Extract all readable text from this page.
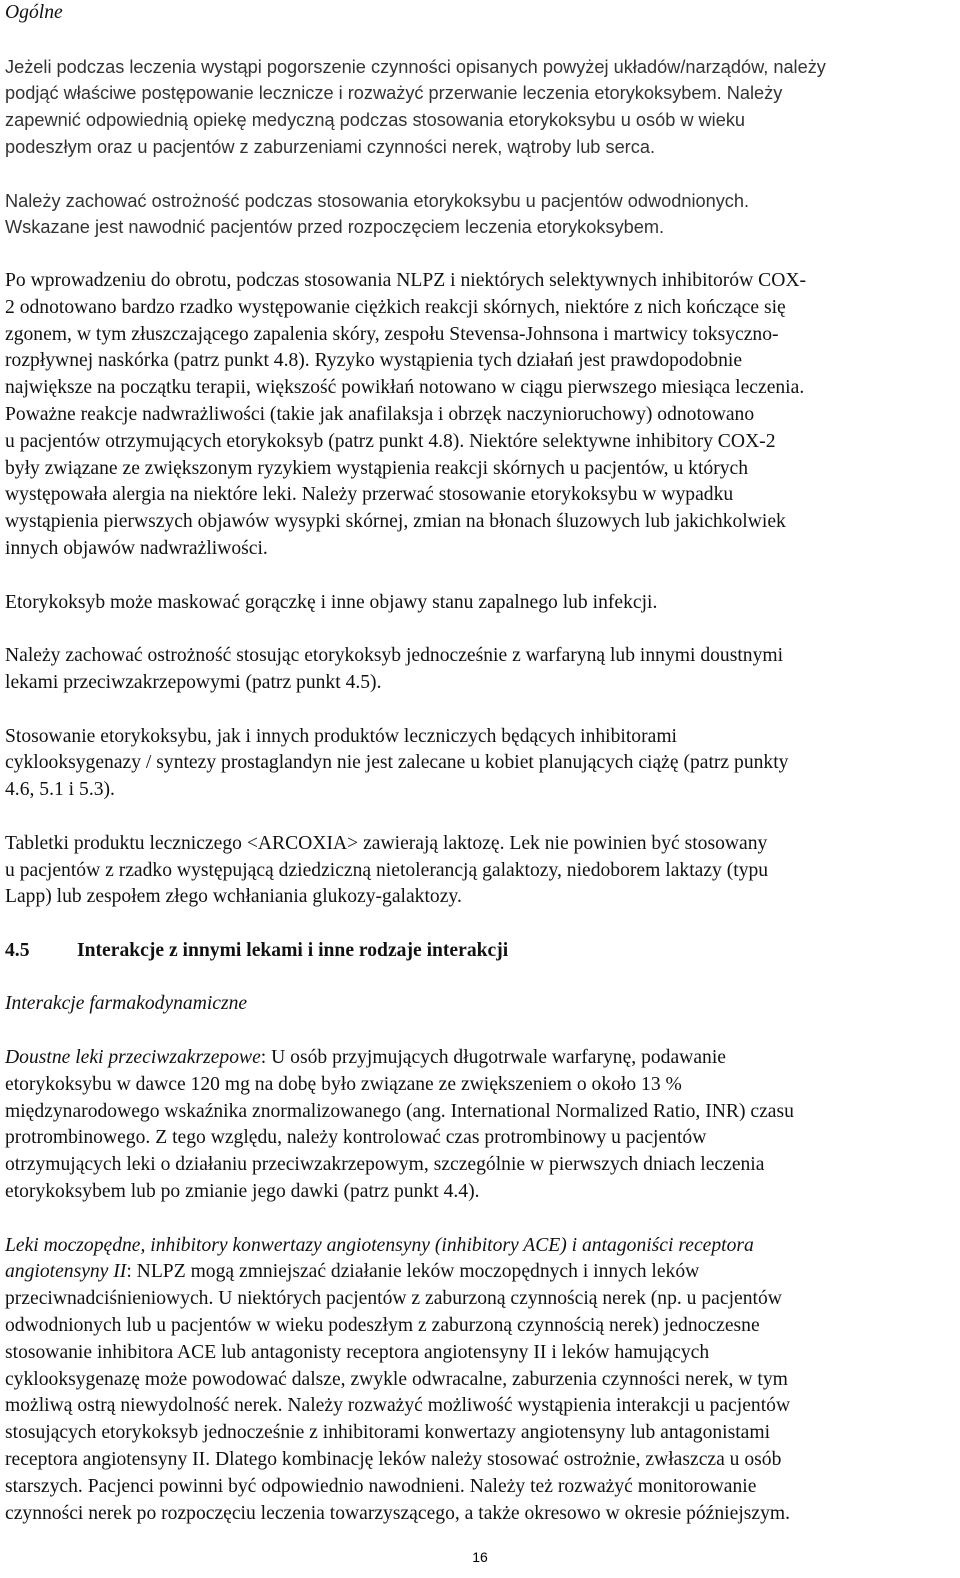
Ogólne

Jeżeli podczas leczenia wystąpi pogorszenie czynności opisanych powyżej układów/narządów, należy
podjąć właściwe postępowanie lecznicze i rozważyć przerwanie leczenia etorykoksybem. Należy
zapewnić odpowiednią opiekę medyczną podczas stosowania etorykoksybu u osób w wieku
podeszłym oraz u pacjentów z zaburzeniami czynności nerek, wątroby lub serca.

Należy zachować ostrożność podczas stosowania etorykoksybu u pacjentów odwodnionych.
Wskazane jest nawodnić pacjentów przed rozpoczęciem leczenia etorykoksybem.

Po wprowadzeniu do obrotu, podczas stosowania NLPZ i niektórych selektywnych inhibitorów COX-
2 odnotowano bardzo rzadko występowanie ciężkich reakcji skórnych, niektóre z nich kończące się
zgonem, w tym złuszczającego zapalenia skóry, zespołu Stevensa-Johnsona i martwicy toksyczno-
rozpływnej naskórka (patrz punkt 4.8). Ryzyko wystąpienia tych działań jest prawdopodobnie
największe na początku terapii, większość powikłań notowano w ciągu pierwszego miesiąca leczenia.
Poważne reakcje nadwrażliwości (takie jak anafilaksja i obrzęk naczynioruchowy) odnotowano
u pacjentów otrzymujących etorykoksyb (patrz punkt 4.8). Niektóre selektywne inhibitory COX-2
były związane ze zwiększonym ryzykiem wystąpienia reakcji skórnych u pacjentów, u których
występowała alergia na niektóre leki. Należy przerwać stosowanie etorykoksybu w wypadku
wystąpienia pierwszych objawów wysypki skórnej, zmian na błonach śluzowych lub jakichkolwiek
innych objawów nadwrażliwości.

Etorykoksyb może maskować gorączkę i inne objawy stanu zapalnego lub infekcji.

Należy zachować ostrożność stosując etorykoksyb jednocześnie z warfaryną lub innymi doustnymi
lekami przeciwzakrzepowymi (patrz punkt 4.5).

Stosowanie etorykoksybu, jak i innych produktów leczniczych będących inhibitorami
cyklooksygenazy / syntezy prostaglandyn nie jest zalecane u kobiet planujących ciążę (patrz punkty
4.6, 5.1 i 5.3).

Tabletki produktu leczniczego <ARCOXIA> zawierają laktozę. Lek nie powinien być stosowany
u pacjentów z rzadko występującą dziedziczną nietolerancją galaktozy, niedoborem laktazy (typu
Lapp) lub zespołem złego wchłaniania glukozy-galaktozy.

4.5	Interakcje z innymi lekami i inne rodzaje interakcji

Interakcje farmakodynamiczne

Doustne leki przeciwzakrzepowe: U osób przyjmujących długotrwale warfarynę, podawanie
etorykoksybu w dawce 120 mg na dobę było związane ze zwiększeniem o około 13 %
międzynarodowego wskaźnika znormalizowanego (ang. International Normalized Ratio, INR) czasu
protrombinowego. Z tego względu, należy kontrolować czas protrombinowy u pacjentów
otrzymujących leki o działaniu przeciwzakrzepowym, szczególnie w pierwszych dniach leczenia
etorykoksybem lub po zmianie jego dawki (patrz punkt 4.4).

Leki moczopędne, inhibitory konwertazy angiotensyny (inhibitory ACE) i antagoniści receptora
angiotensyny II: NLPZ mogą zmniejszać działanie leków moczopędnych i innych leków
przeciwnadciśnieniowych. U niektórych pacjentów z zaburzoną czynnością nerek (np. u pacjentów
odwodnionych lub u pacjentów w wieku podeszłym z zaburzoną czynnością nerek) jednoczesne
stosowanie inhibitora ACE lub antagonisty receptora angiotensyny II i leków hamujących
cyklooksygenazę może powodować dalsze, zwykle odwracalne, zaburzenia czynności nerek, w tym
możliwą ostrą niewydolność nerek. Należy rozważyć możliwość wystąpienia interakcji u pacjentów
stosujących etorykoksyb jednocześnie z inhibitorami konwertazy angiotensyny lub antagonistami
receptora angiotensyny II. Dlatego kombinację leków należy stosować ostrożnie, zwłaszcza u osób
starszych. Pacjenci powinni być odpowiednio nawodnieni. Należy też rozważyć monitorowanie
czynności nerek po rozpoczęciu leczenia towarzyszącego, a także okresowo w okresie późniejszym.

16
